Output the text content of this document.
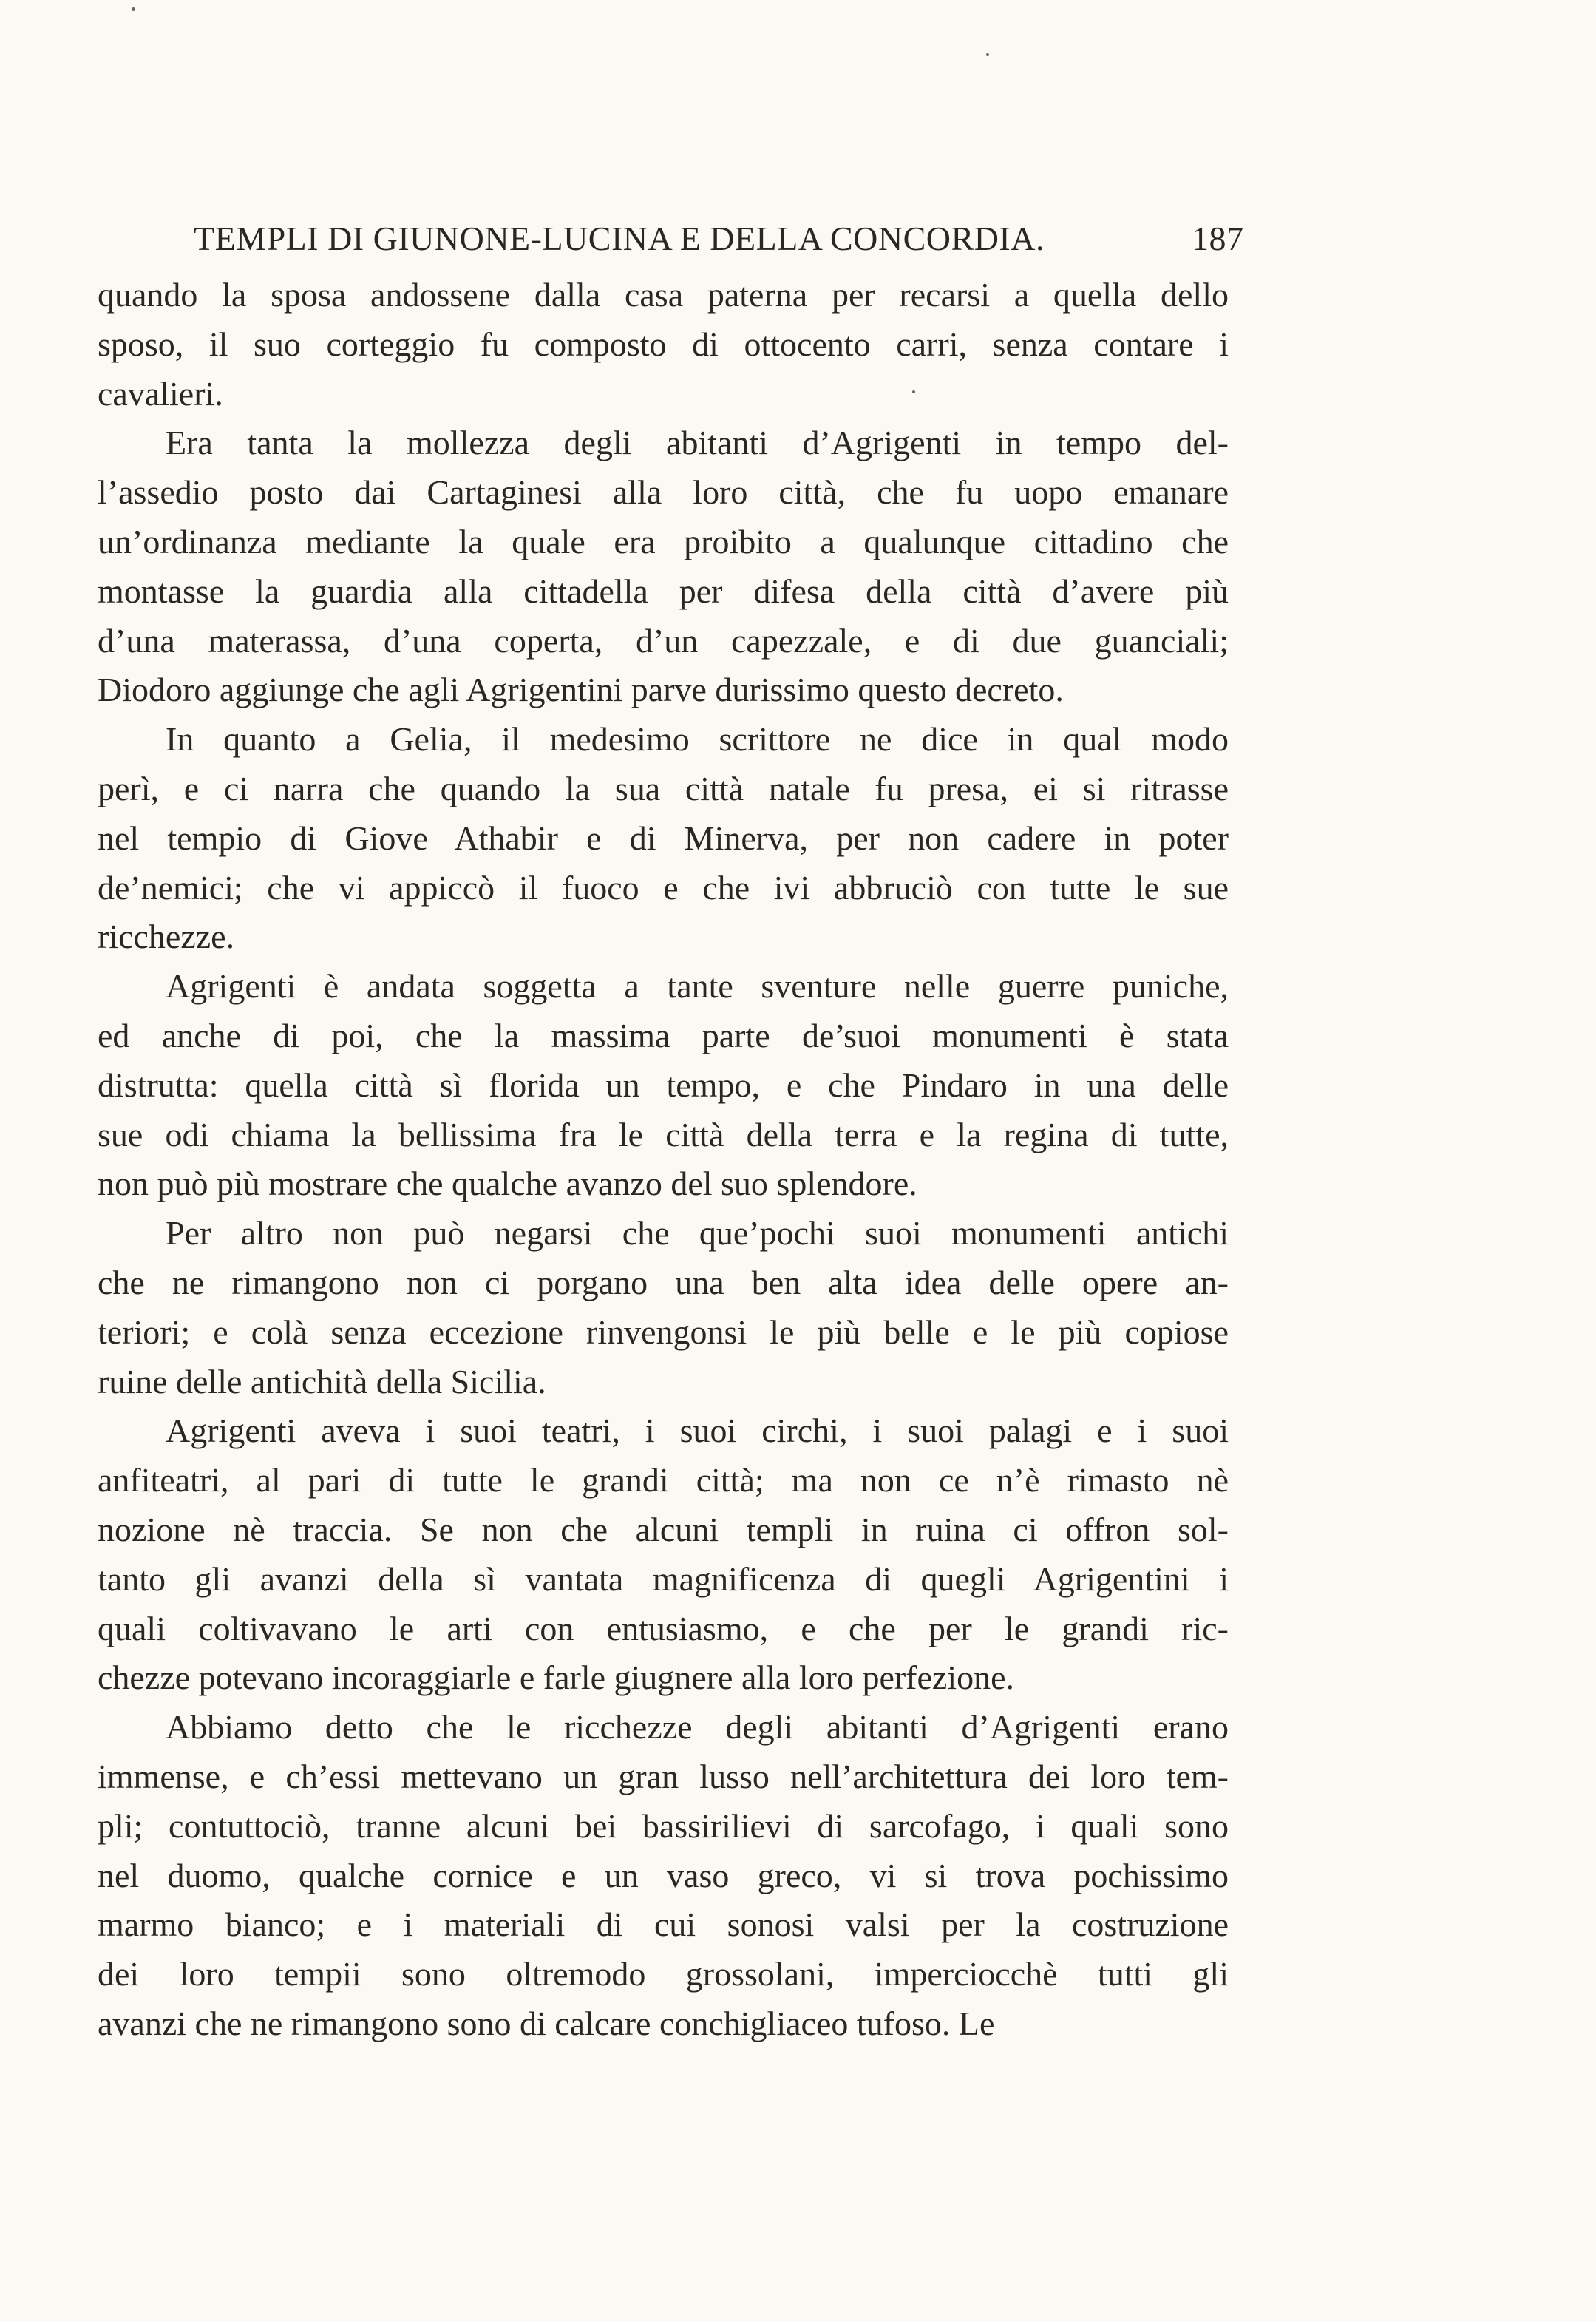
TEMPLI DI GIUNONE-LUCINA E DELLA CONCORDIA.	187
quando la sposa andossene dalla casa paterna per recarsi a quella dello
sposo, il suo corteggio fu composto di ottocento carri, senza contare i
cavalieri.
Era tanta la mollezza degli abitanti d’Agrigenti in tempo del-
l’assedio posto dai Cartaginesi alla loro città, che fu uopo emanare
un’ordinanza mediante la quale era proibito a qualunque cittadino che
montasse la guardia alla cittadella per difesa della città d’avere più
d’una materassa, d’una coperta, d’un capezzale, e di due guanciali;
Diodoro aggiunge che agli Agrigentini parve durissimo questo decreto.
In quanto a Gelia, il medesimo scrittore ne dice in qual modo
perì, e ci narra che quando la sua città natale fu presa, ei si ritrasse
nel tempio di Giove Athabir e di Minerva, per non cadere in poter
de’nemici; che vi appiccò il fuoco e che ivi abbruciò con tutte le sue
ricchezze.
Agrigenti è andata soggetta a tante sventure nelle guerre puniche,
ed anche di poi, che la massima parte de’suoi monumenti è stata
distrutta: quella città sì florida un tempo, e che Pindaro in una delle
sue odi chiama la bellissima fra le città della terra e la regina di tutte,
non può più mostrare che qualche avanzo del suo splendore.
Per altro non può negarsi che que’pochi suoi monumenti antichi
che ne rimangono non ci porgano una ben alta idea delle opere an-
teriori; e colà senza eccezione rinvengonsi le più belle e le più copiose
ruine delle antichità della Sicilia.
Agrigenti aveva i suoi teatri, i suoi circhi, i suoi palagi e i suoi
anfiteatri, al pari di tutte le grandi città; ma non ce n’è rimasto nè
nozione nè traccia. Se non che alcuni templi in ruina ci offron sol-
tanto gli avanzi della sì vantata magnificenza di quegli Agrigentini i
quali coltivavano le arti con entusiasmo, e che per le grandi ric-
chezze potevano incoraggiarle e farle giugnere alla loro perfezione.
Abbiamo detto che le ricchezze degli abitanti d’Agrigenti erano
immense, e ch’essi mettevano un gran lusso nell’architettura dei loro tem-
pli; contuttociò, tranne alcuni bei bassirilievi di sarcofago, i quali sono
nel duomo, qualche cornice e un vaso greco, vi si trova pochissimo
marmo bianco; e i materiali di cui sonosi valsi per la costruzione
dei loro tempii sono oltremodo grossolani, imperciocchè tutti gli
avanzi che ne rimangono sono di calcare conchigliaceo tufoso. Le
